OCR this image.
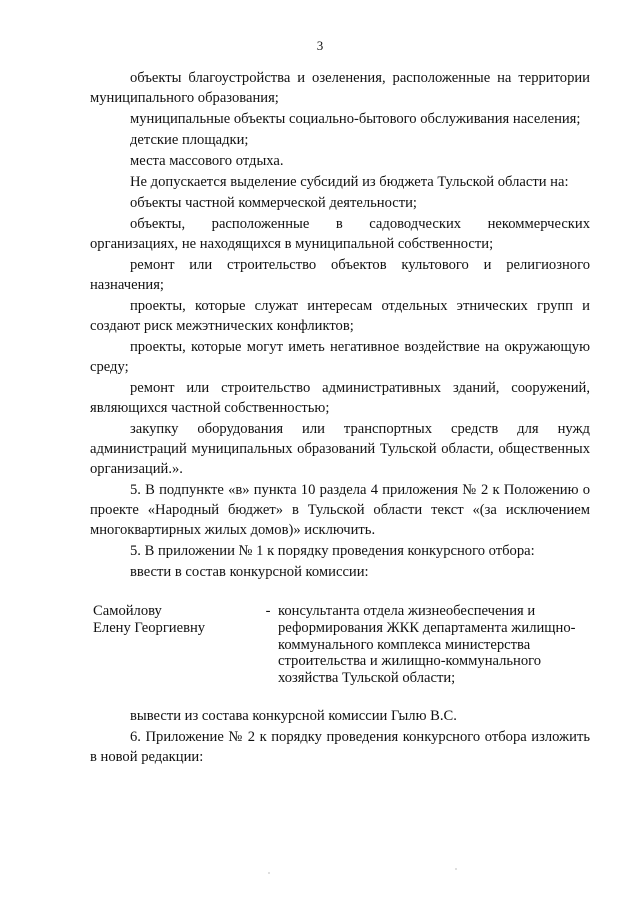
3

объекты благоустройства и озеленения, расположенные на территории муниципального образования;

муниципальные объекты социально-бытового обслуживания населения;

детские площадки;

места массового отдыха.

Не допускается выделение субсидий из бюджета Тульской области на:

объекты частной коммерческой деятельности;

объекты, расположенные в садоводческих некоммерческих организациях, не находящихся в муниципальной собственности;

ремонт или строительство объектов культового и религиозного назначения;

проекты, которые служат интересам отдельных этнических групп и создают риск межэтнических конфликтов;

проекты, которые могут иметь негативное воздействие на окружающую среду;

ремонт или строительство административных зданий, сооружений, являющихся частной собственностью;

закупку оборудования или транспортных средств для нужд администраций муниципальных образований Тульской области, общественных организаций.».

5. В подпункте «в» пункта 10 раздела 4 приложения № 2 к Положению о проекте «Народный бюджет» в Тульской области текст «(за исключением многоквартирных жилых домов)» исключить.

5. В приложении № 1 к порядку проведения конкурсного отбора:

ввести в состав конкурсной комиссии:

Самойлову
Елену Георгиевну
- консультанта отдела жизнеобеспечения и
реформирования ЖКК департамента жилищно-
коммунального комплекса министерства
строительства и жилищно-коммунального
хозяйства Тульской области;

вывести из состава конкурсной комиссии Гылю В.С.

6. Приложение № 2 к порядку проведения конкурсного отбора изложить в новой редакции:
